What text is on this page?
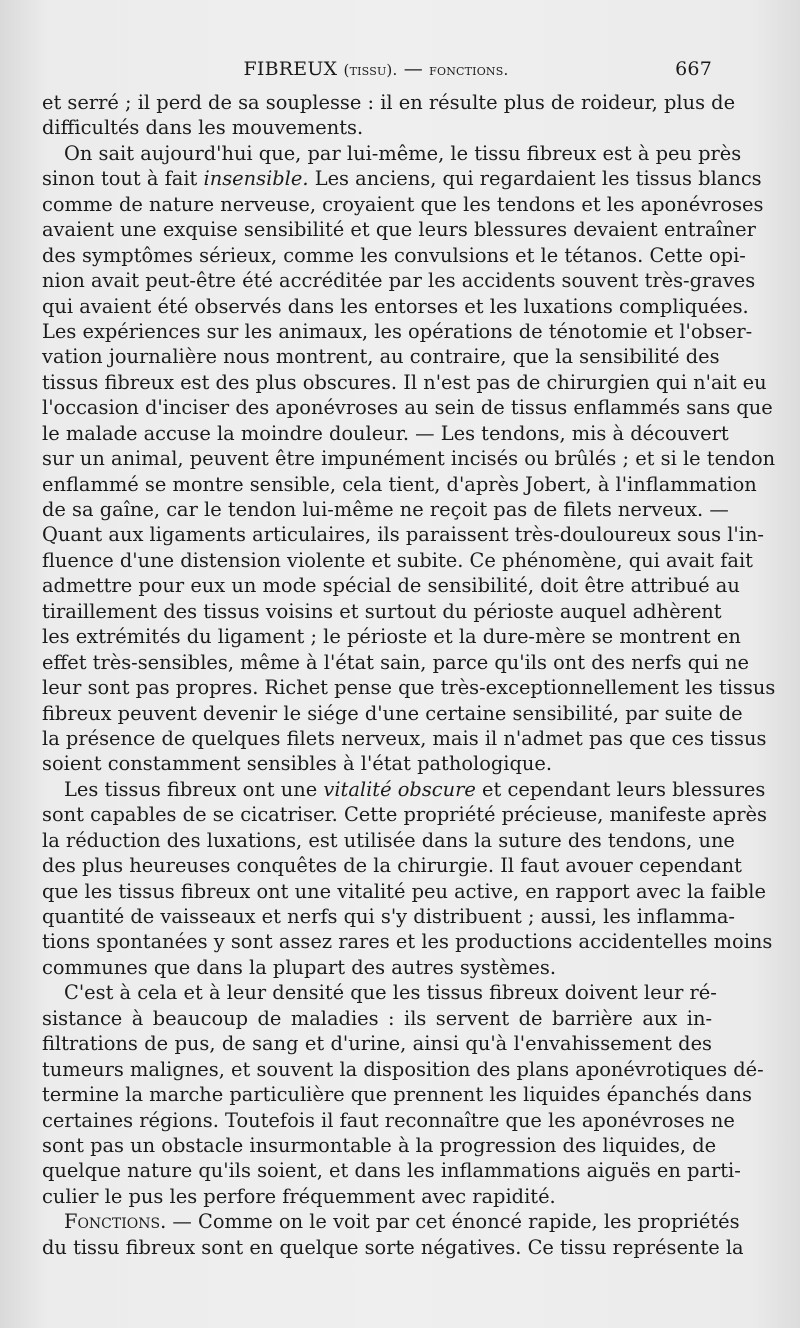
FIBREUX (tissu). — fonctions.	667
et serré ; il perd de sa souplesse : il en résulte plus de roideur, plus de
difficultés dans les mouvements.
On sait aujourd'hui que, par lui-même, le tissu fibreux est à peu près
sinon tout à fait insensible. Les anciens, qui regardaient les tissus blancs
comme de nature nerveuse, croyaient que les tendons et les aponévroses
avaient une exquise sensibilité et que leurs blessures devaient entraîner
des symptômes sérieux, comme les convulsions et le tétanos. Cette opi-
nion avait peut-être été accréditée par les accidents souvent très-graves
qui avaient été observés dans les entorses et les luxations compliquées.
Les expériences sur les animaux, les opérations de ténotomie et l'obser-
vation journalière nous montrent, au contraire, que la sensibilité des
tissus fibreux est des plus obscures. Il n'est pas de chirurgien qui n'ait eu
l'occasion d'inciser des aponévroses au sein de tissus enflammés sans que
le malade accuse la moindre douleur. — Les tendons, mis à découvert
sur un animal, peuvent être impunément incisés ou brûlés ; et si le tendon
enflammé se montre sensible, cela tient, d'après Jobert, à l'inflammation
de sa gaîne, car le tendon lui-même ne reçoit pas de filets nerveux. —
Quant aux ligaments articulaires, ils paraissent très-douloureux sous l'in-
fluence d'une distension violente et subite. Ce phénomène, qui avait fait
admettre pour eux un mode spécial de sensibilité, doit être attribué au
tiraillement des tissus voisins et surtout du périoste auquel adhèrent
les extrémités du ligament ; le périoste et la dure-mère se montrent en
effet très-sensibles, même à l'état sain, parce qu'ils ont des nerfs qui ne
leur sont pas propres. Richet pense que très-exceptionnellement les tissus
fibreux peuvent devenir le siége d'une certaine sensibilité, par suite de
la présence de quelques filets nerveux, mais il n'admet pas que ces tissus
soient constamment sensibles à l'état pathologique.
Les tissus fibreux ont une vitalité obscure et cependant leurs blessures
sont capables de se cicatriser. Cette propriété précieuse, manifeste après
la réduction des luxations, est utilisée dans la suture des tendons, une
des plus heureuses conquêtes de la chirurgie. Il faut avouer cependant
que les tissus fibreux ont une vitalité peu active, en rapport avec la faible
quantité de vaisseaux et nerfs qui s'y distribuent ; aussi, les inflamma-
tions spontanées y sont assez rares et les productions accidentelles moins
communes que dans la plupart des autres systèmes.
C'est à cela et à leur densité que les tissus fibreux doivent leur ré-
sistance à beaucoup de maladies : ils servent de barrière aux in-
filtrations de pus, de sang et d'urine, ainsi qu'à l'envahissement des
tumeurs malignes, et souvent la disposition des plans aponévrotiques dé-
termine la marche particulière que prennent les liquides épanchés dans
certaines régions. Toutefois il faut reconnaître que les aponévroses ne
sont pas un obstacle insurmontable à la progression des liquides, de
quelque nature qu'ils soient, et dans les inflammations aiguës en parti-
culier le pus les perfore fréquemment avec rapidité.
Fonctions. — Comme on le voit par cet énoncé rapide, les propriétés
du tissu fibreux sont en quelque sorte négatives. Ce tissu représente la
